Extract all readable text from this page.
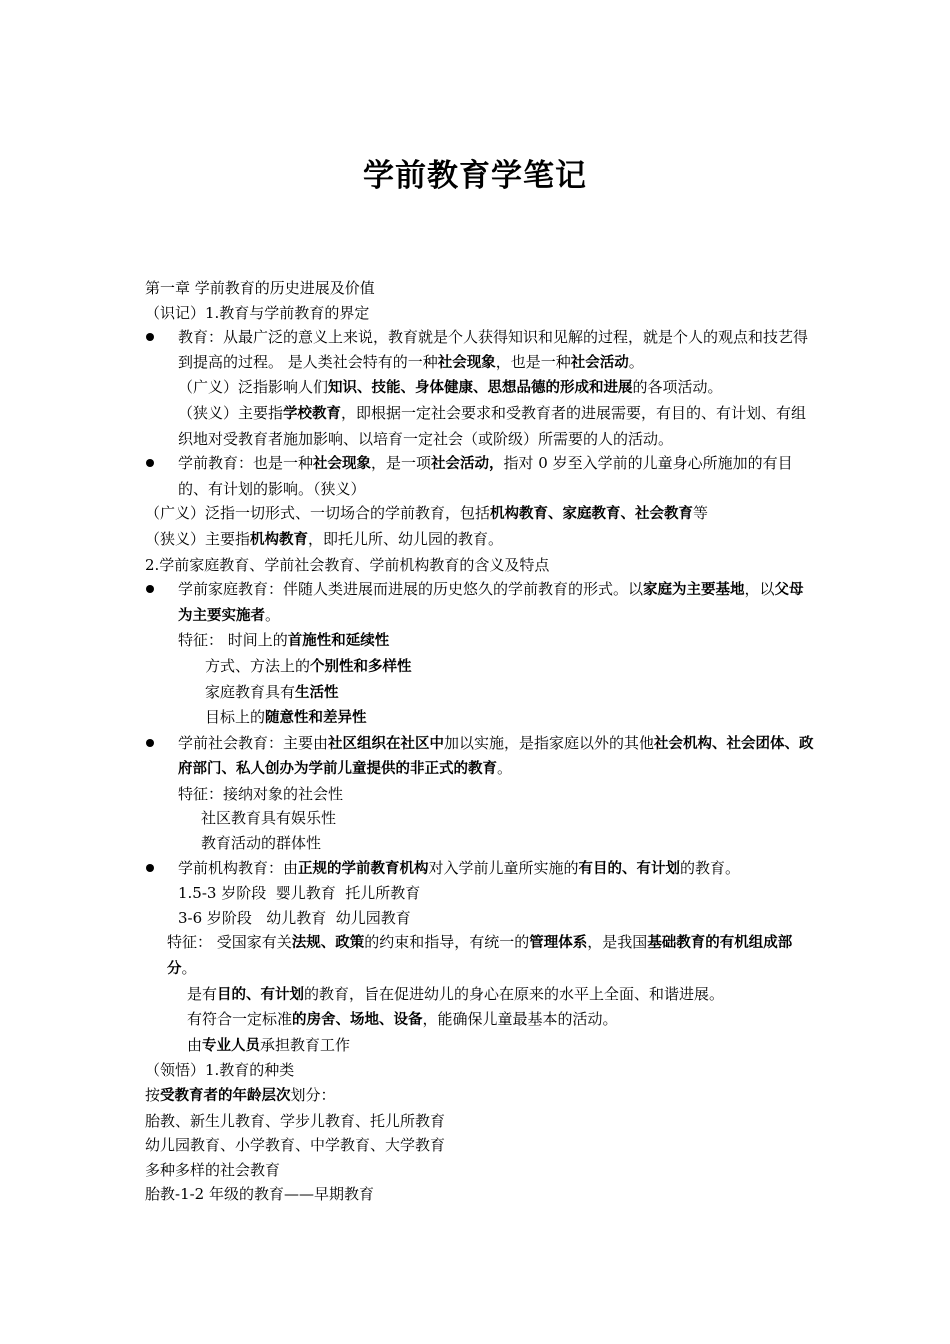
学前教育学笔记
第一章 学前教育的历史进展及价值
（识记）1.教育与学前教育的界定
教育：从最广泛的意义上来说，教育就是个人获得知识和见解的过程，就是个人的观点和技艺得到提高的过程。 是人类社会特有的一种社会现象，也是一种社会活动。
（广义）泛指影响人们知识、技能、身体健康、思想品德的形成和进展的各项活动。
（狭义）主要指学校教育，即根据一定社会要求和受教育者的进展需要，有目的、有计划、有组织地对受教育者施加影响、以培育一定社会（或阶级）所需要的人的活动。
学前教育：也是一种社会现象，是一项社会活动，指对 0 岁至入学前的儿童身心所施加的有目的、有计划的影响。（狭义）
（广义）泛指一切形式、一切场合的学前教育，包括机构教育、家庭教育、社会教育等
（狭义）主要指机构教育，即托儿所、幼儿园的教育。
2.学前家庭教育、学前社会教育、学前机构教育的含义及特点
学前家庭教育：伴随人类进展而进展的历史悠久的学前教育的形式。以家庭为主要基地，以父母为主要实施者。
特征： 时间上的首施性和延续性
方式、方法上的个别性和多样性
家庭教育具有生活性
目标上的随意性和差异性
学前社会教育：主要由社区组织在社区中加以实施，是指家庭以外的其他社会机构、社会团体、政府部门、私人创办为学前儿童提供的非正式的教育。
特征：接纳对象的社会性
社区教育具有娱乐性
教育活动的群体性
学前机构教育：由正规的学前教育机构对入学前儿童所实施的有目的、有计划的教育。
1.5-3 岁阶段  婴儿教育  托儿所教育
3-6 岁阶段   幼儿教育  幼儿园教育
特征： 受国家有关法规、政策的约束和指导，有统一的管理体系，是我国基础教育的有机组成部分。
是有目的、有计划的教育，旨在促进幼儿的身心在原来的水平上全面、和谐进展。
有符合一定标准的房舍、场地、设备，能确保儿童最基本的活动。
由专业人员承担教育工作
（领悟）1.教育的种类
按受教育者的年龄层次划分：
胎教、新生儿教育、学步儿教育、托儿所教育
幼儿园教育、小学教育、中学教育、大学教育
多种多样的社会教育
胎教-1-2 年级的教育——早期教育
